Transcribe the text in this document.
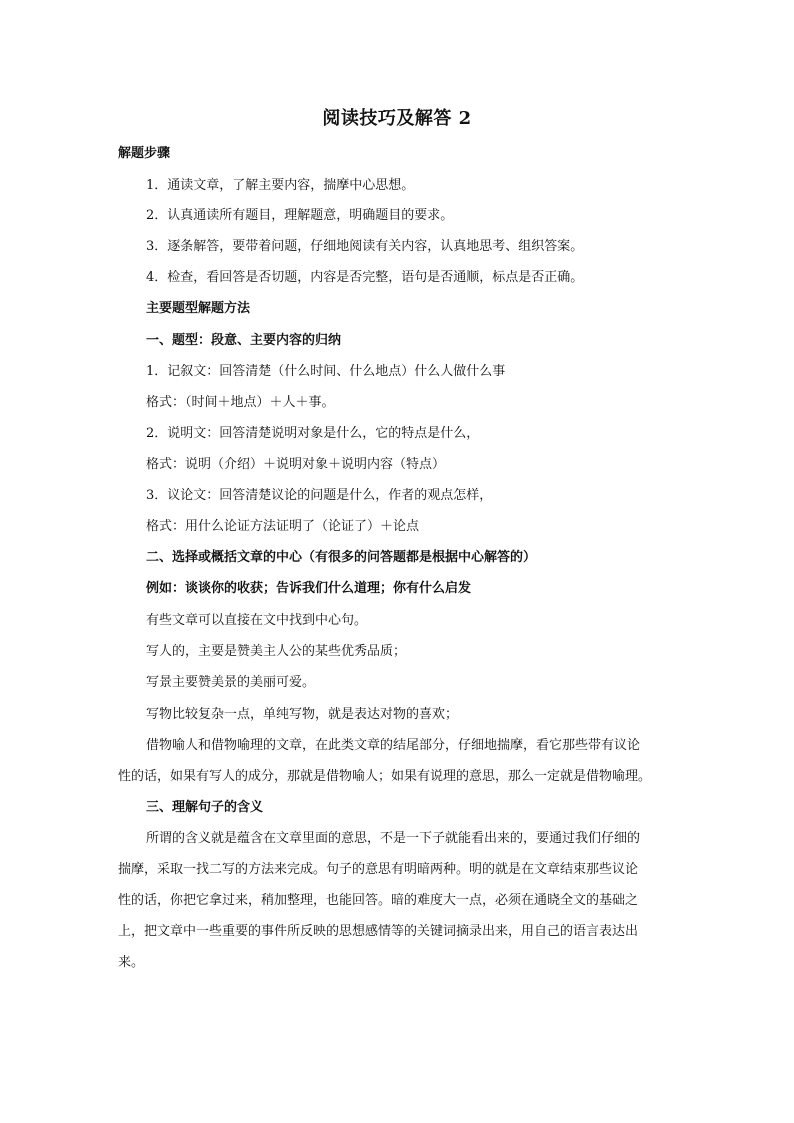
阅读技巧及解答 2
解题步骤
1．通读文章，了解主要内容，揣摩中心思想。
2．认真通读所有题目，理解题意，明确题目的要求。
3．逐条解答，要带着问题，仔细地阅读有关内容，认真地思考、组织答案。
4．检查，看回答是否切题，内容是否完整，语句是否通顺，标点是否正确。
主要题型解题方法
一、题型：段意、主要内容的归纳
1．记叙文：回答清楚（什么时间、什么地点）什么人做什么事
格式：（时间＋地点）＋人＋事。
2．说明文：回答清楚说明对象是什么，它的特点是什么，
格式：说明（介绍）＋说明对象＋说明内容（特点）
3．议论文：回答清楚议论的问题是什么，作者的观点怎样，
格式：用什么论证方法证明了（论证了）＋论点
二、选择或概括文章的中心（有很多的问答题都是根据中心解答的）
例如：谈谈你的收获；告诉我们什么道理；你有什么启发
有些文章可以直接在文中找到中心句。
写人的，主要是赞美主人公的某些优秀品质；
写景主要赞美景的美丽可爱。
写物比较复杂一点，单纯写物，就是表达对物的喜欢；
借物喻人和借物喻理的文章，在此类文章的结尾部分，仔细地揣摩，看它那些带有议论
性的话，如果有写人的成分，那就是借物喻人；如果有说理的意思，那么一定就是借物喻理。
三、理解句子的含义
所谓的含义就是蕴含在文章里面的意思，不是一下子就能看出来的，要通过我们仔细的
揣摩，采取一找二写的方法来完成。句子的意思有明暗两种。明的就是在文章结束那些议论
性的话，你把它拿过来，稍加整理，也能回答。暗的难度大一点，必须在通晓全文的基础之
上，把文章中一些重要的事件所反映的思想感情等的关键词摘录出来，用自己的语言表达出
来。
